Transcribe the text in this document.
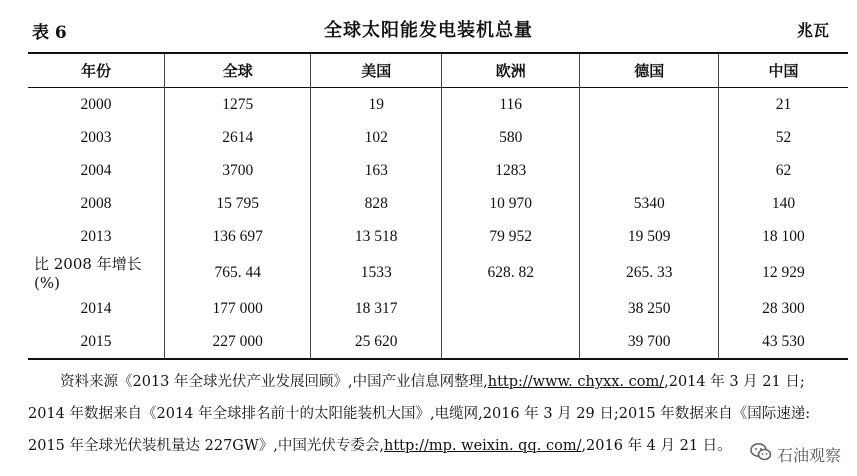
表 6	全球太阳能发电装机总量	兆瓦
年份	全球	美国	欧洲	德国	中国
2000	1275	19	116		21
2003	2614	102	580		52
2004	3700	163	1283		62
2008	15 795	828	10 970	5340	140
2013	136 697	13 518	79 952	19 509	18 100
比 2008 年增长(%)	765. 44	1533	628. 82	265. 33	12 929
2014	177 000	18 317		38 250	28 300
2015	227 000	25 620		39 700	43 530

资料来源《2013 年全球光伏产业发展回顾》,中国产业信息网整理,http://www. chyxx. com/,2014 年 3 月 21 日;

2014 年数据来自《2014 年全球排名前十的太阳能装机大国》,电缆网,2016 年 3 月 29 日;2015 年数据来自《国际速递:

2015 年全球光伏装机量达 227GW》,中国光伏专委会,http://mp. weixin. qq. com/,2016 年 4 月 21 日。	石油观察
